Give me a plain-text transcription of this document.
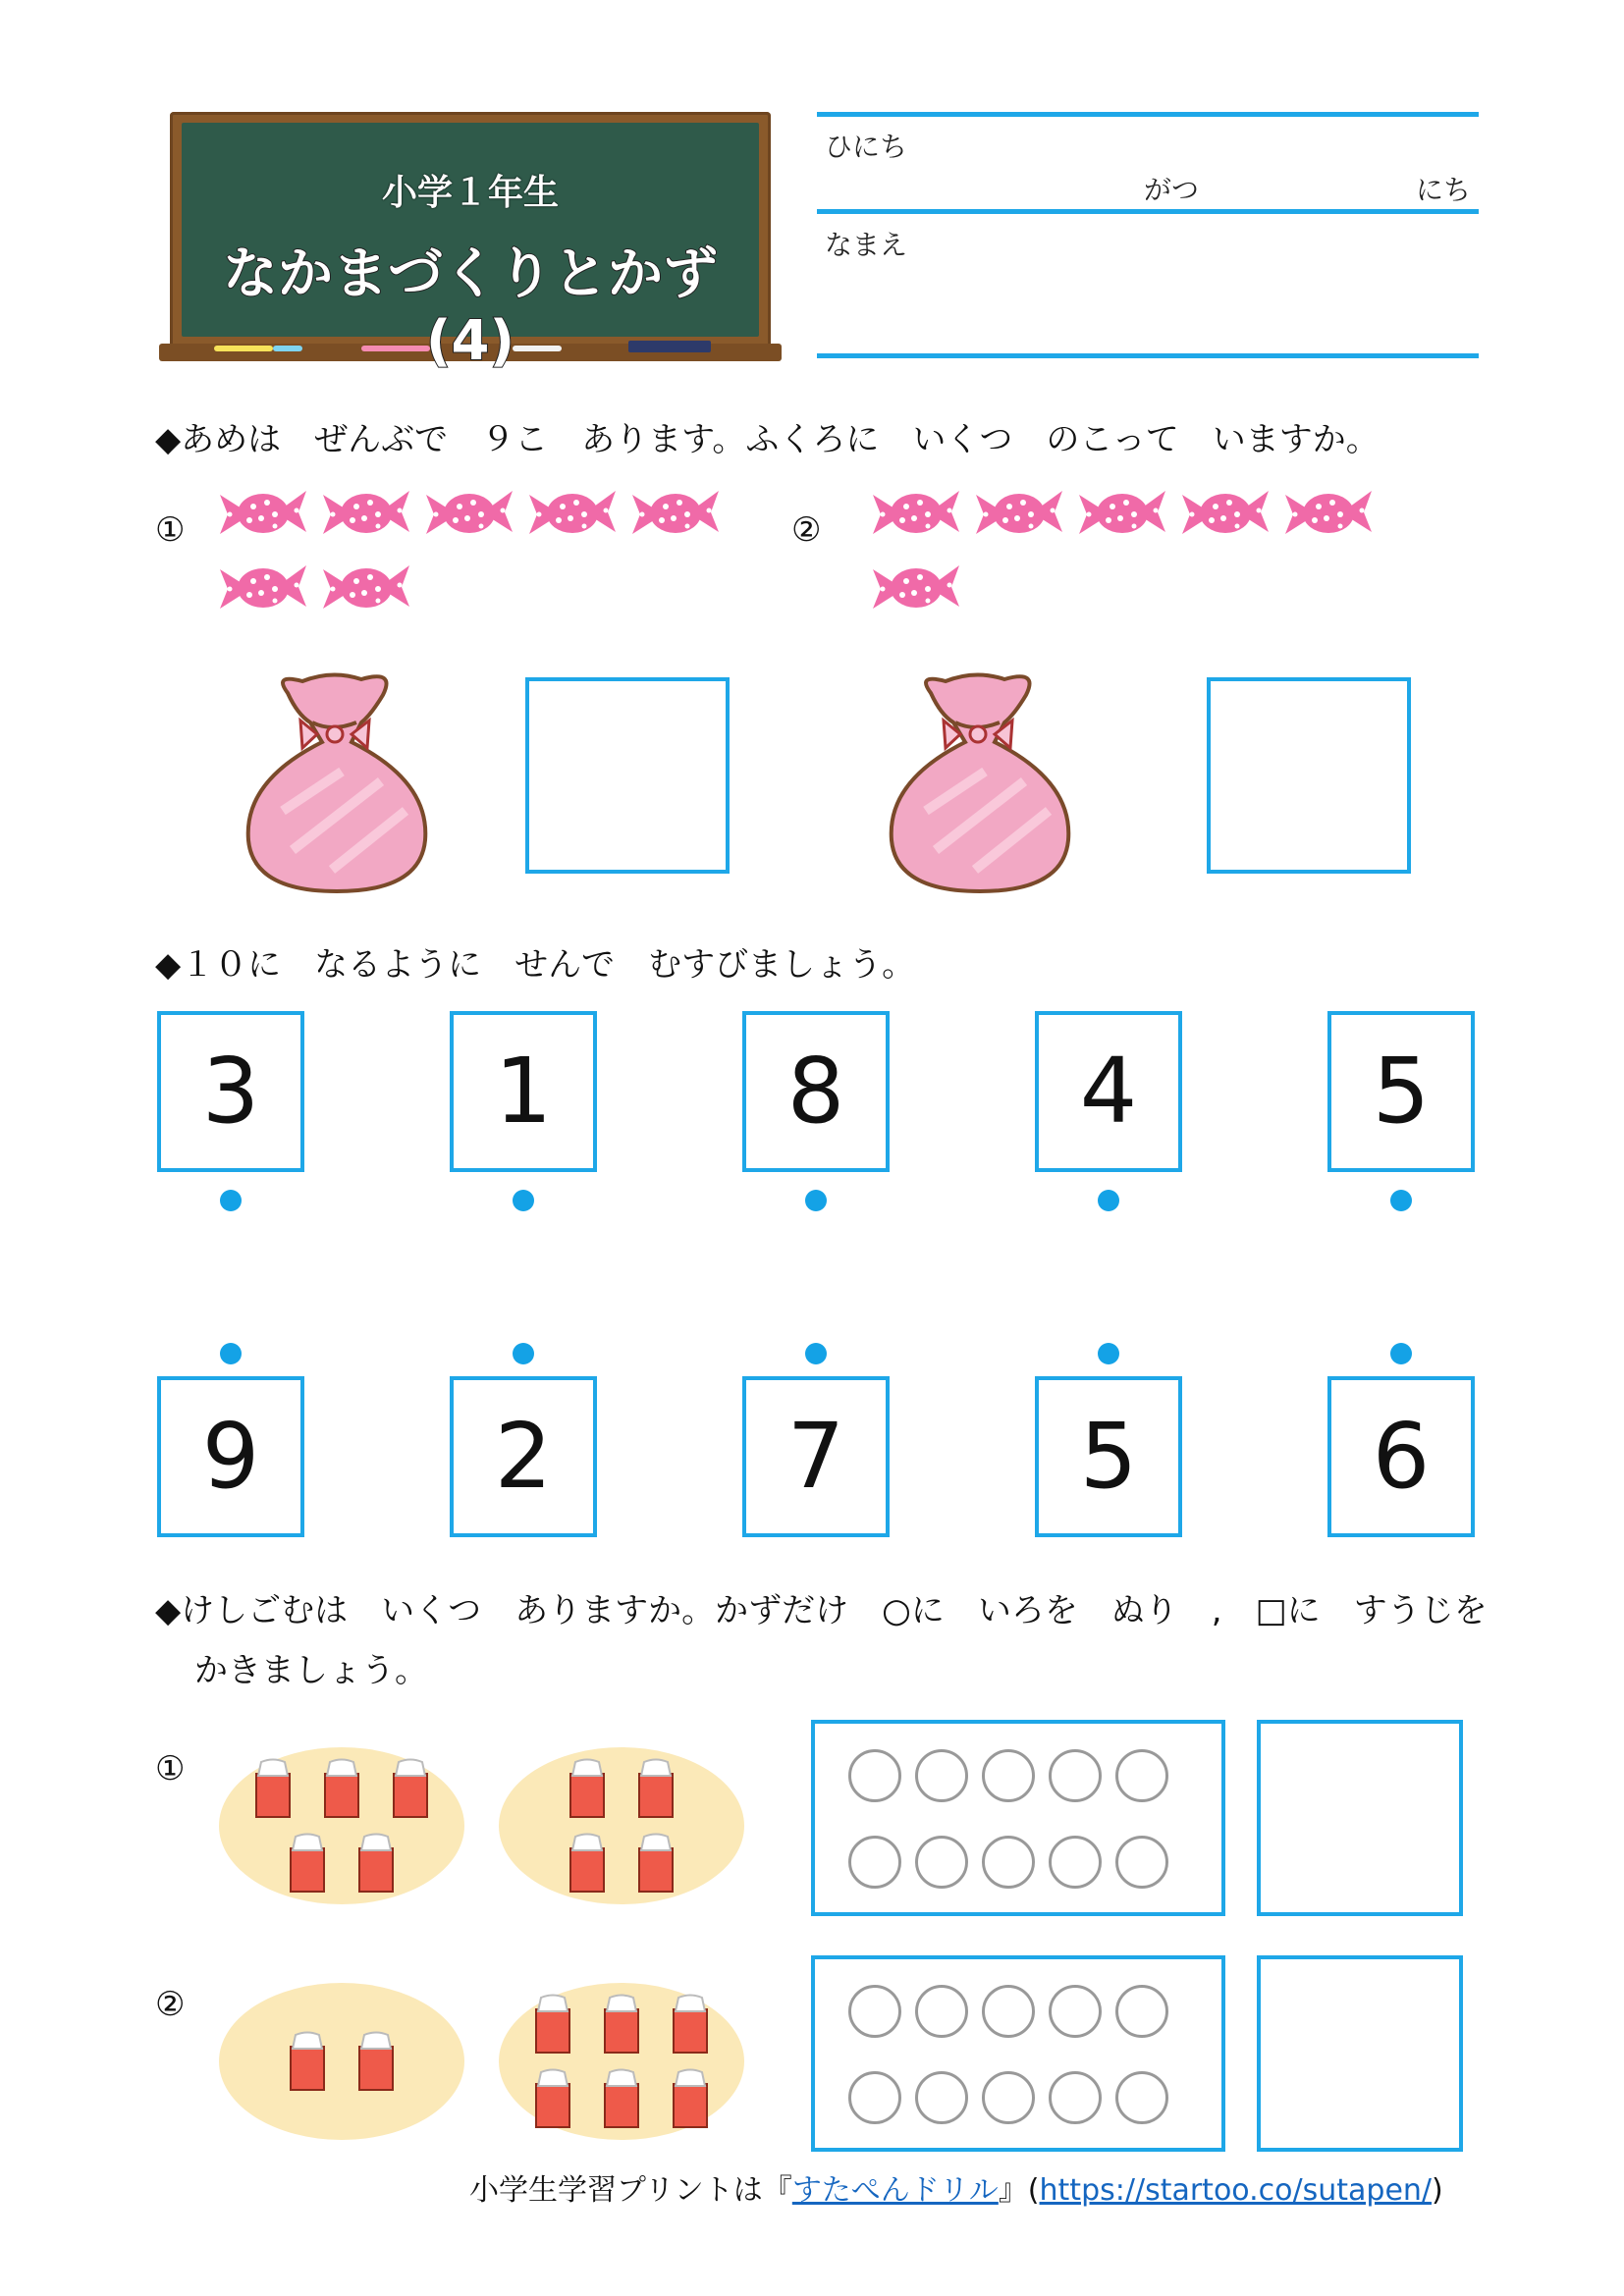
小学１年生
なかまづくりとかず(4)
ひにち
がつ	にち
なまえ
◆あめは　ぜんぶで　９こ　あります。ふくろに　いくつ　のこって　いますか。
①	②
◆１０に　なるように　せんで　むすびましょう。
3	1	8	4	5
9	2	7	5	6
◆けしごむは　いくつ　ありますか。かずだけ　○に　いろを　ぬり　,　□に　すうじを
かきましょう。
①
②
小学生学習プリントは『すたぺんドリル』(https://startoo.co/sutapen/)
